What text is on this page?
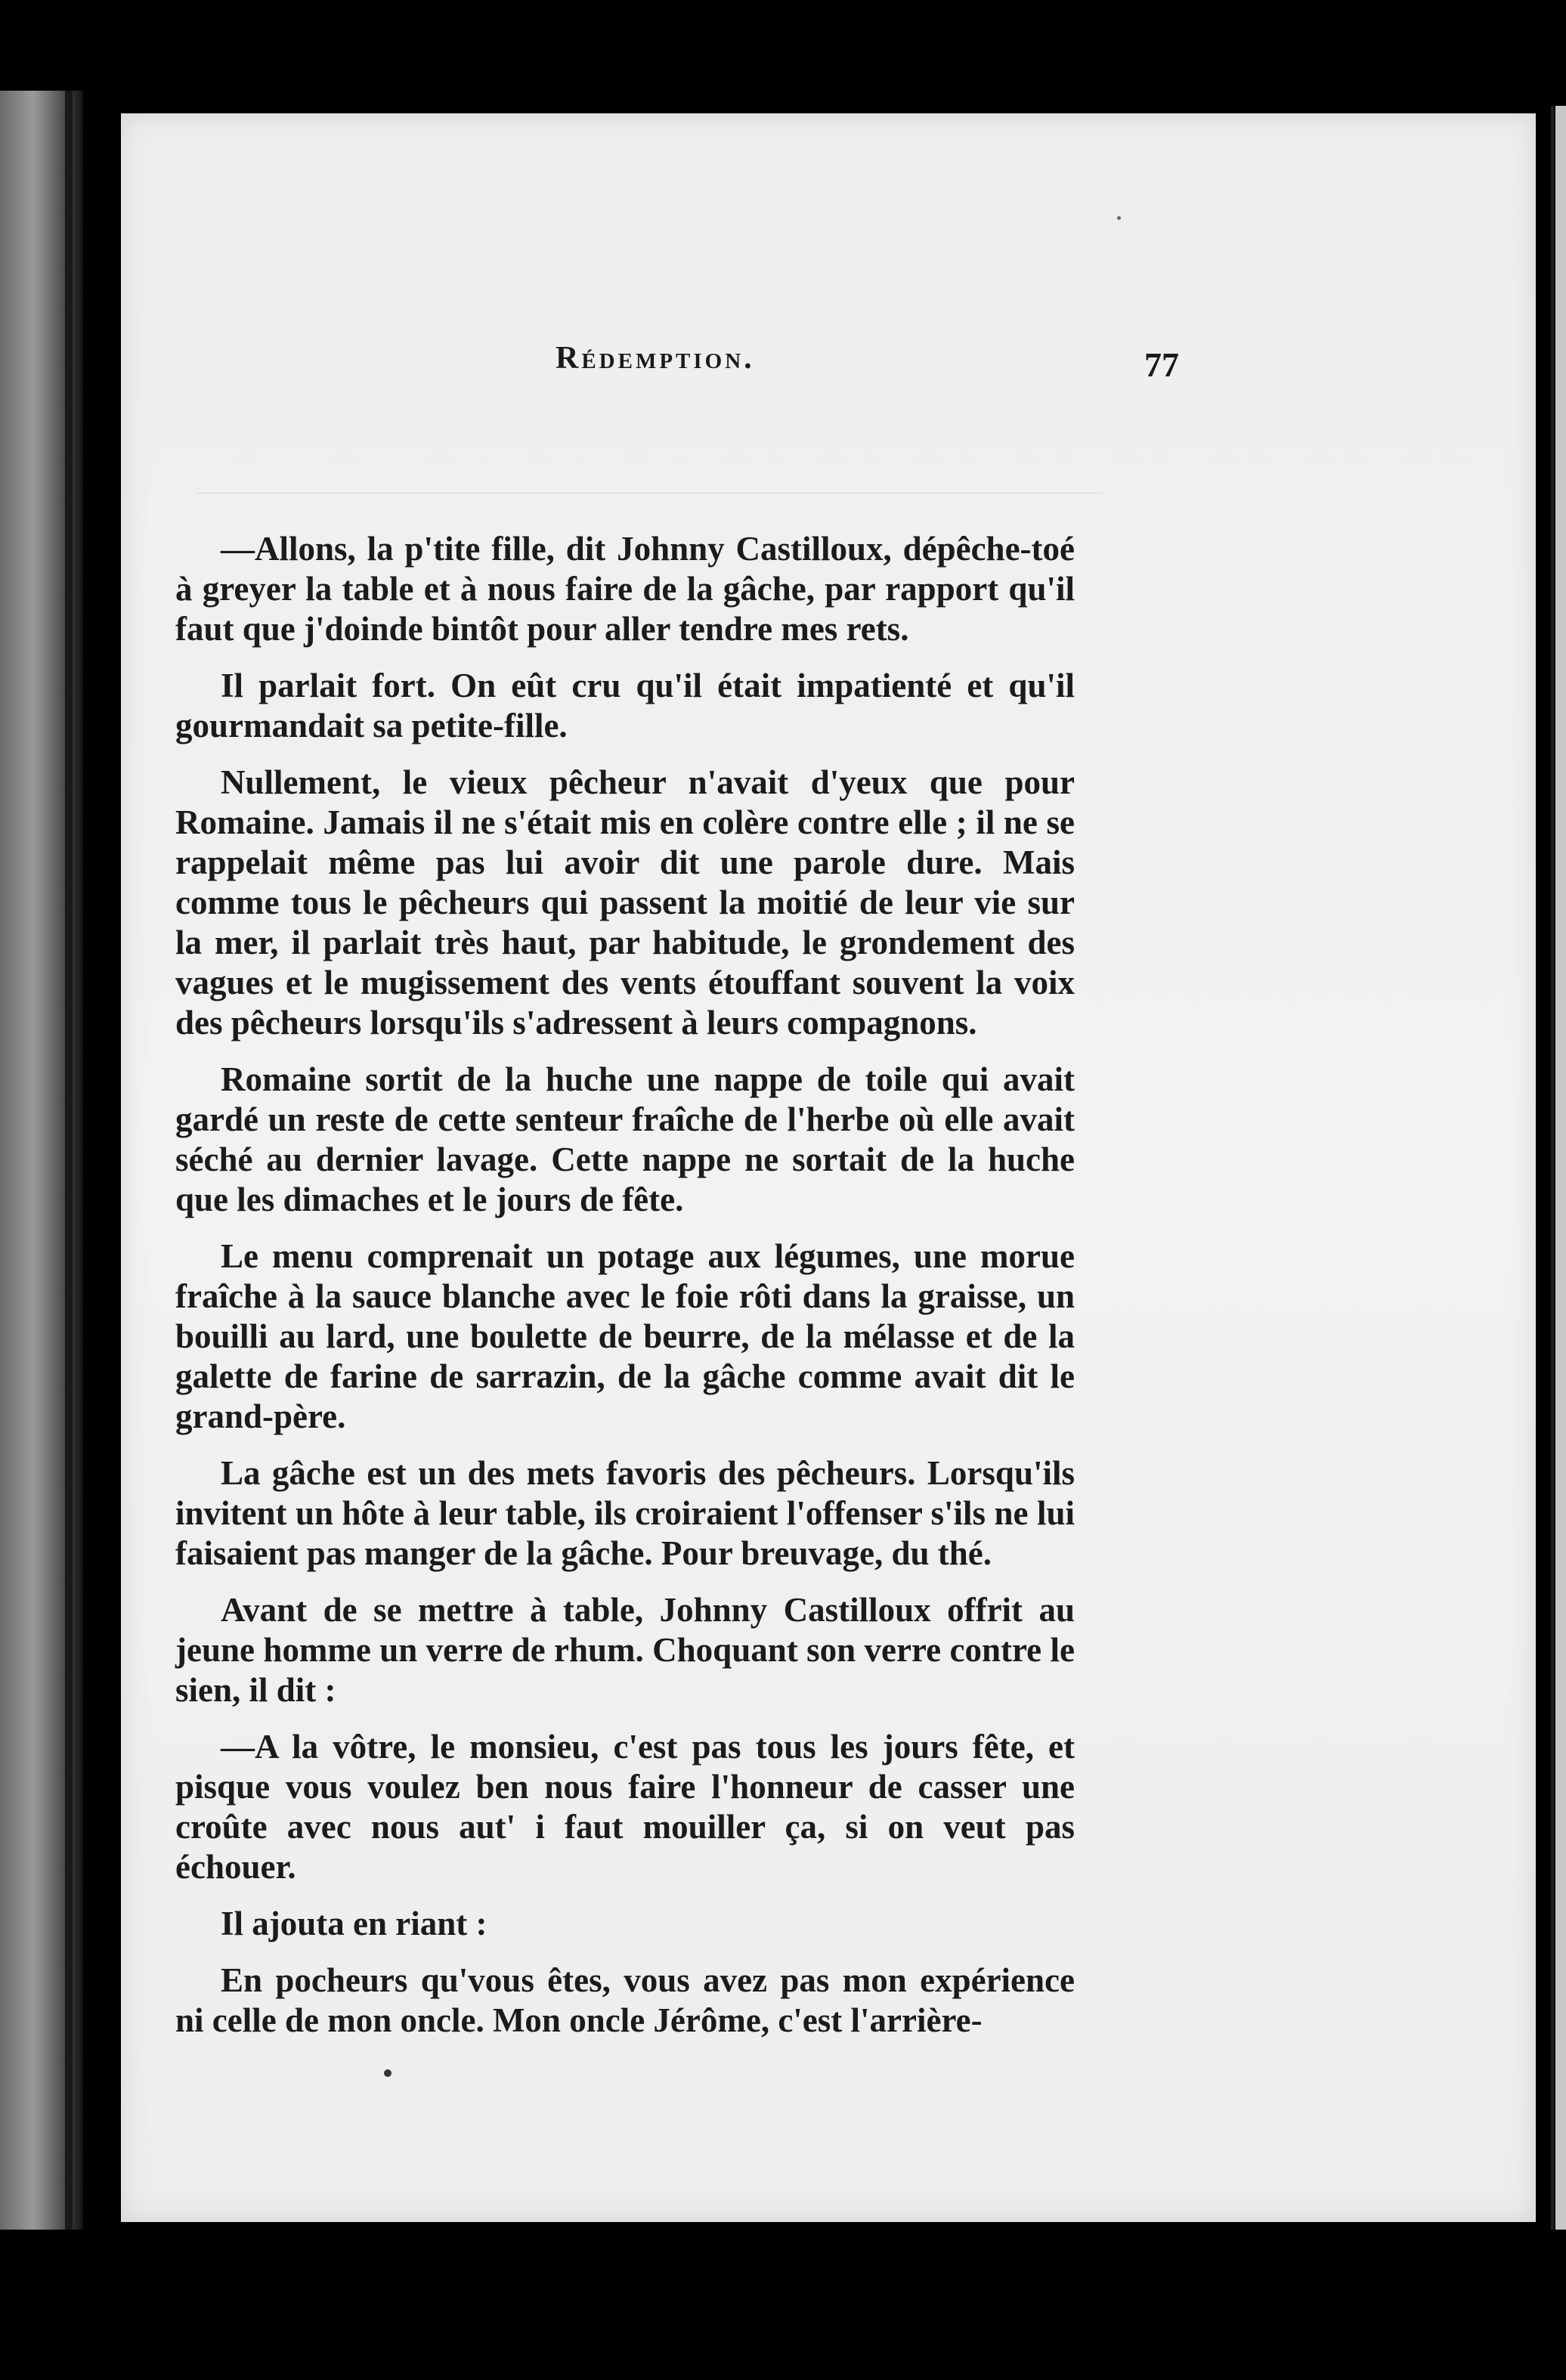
Rédemption.	77

—Allons, la p'tite fille, dit Johnny Castilloux, dépêche-toé à greyer la table et à nous faire de la gâche, par rapport qu'il faut que j'doinde bintôt pour aller tendre mes rets.

Il parlait fort. On eût cru qu'il était impatienté et qu'il gourmandait sa petite-fille.

Nullement, le vieux pêcheur n'avait d'yeux que pour Romaine. Jamais il ne s'était mis en colère contre elle ; il ne se rappelait même pas lui avoir dit une parole dure. Mais comme tous le pêcheurs qui passent la moitié de leur vie sur la mer, il parlait très haut, par habitude, le grondement des vagues et le mugissement des vents étouffant souvent la voix des pêcheurs lorsqu'ils s'adressent à leurs compagnons.

Romaine sortit de la huche une nappe de toile qui avait gardé un reste de cette senteur fraîche de l'herbe où elle avait séché au dernier lavage. Cette nappe ne sortait de la huche que les dimaches et le jours de fête.

Le menu comprenait un potage aux légumes, une morue fraîche à la sauce blanche avec le foie rôti dans la graisse, un bouilli au lard, une boulette de beurre, de la mélasse et de la galette de farine de sarrazin, de la gâche comme avait dit le grand-père.

La gâche est un des mets favoris des pêcheurs. Lorsqu'ils invitent un hôte à leur table, ils croiraient l'offenser s'ils ne lui faisaient pas manger de la gâche. Pour breuvage, du thé.

Avant de se mettre à table, Johnny Castilloux offrit au jeune homme un verre de rhum. Choquant son verre contre le sien, il dit :

—A la vôtre, le monsieu, c'est pas tous les jours fête, et pisque vous voulez ben nous faire l'honneur de casser une croûte avec nous aut' i faut mouiller ça, si on veut pas échouer.

Il ajouta en riant :

En pocheurs qu'vous êtes, vous avez pas mon expérience ni celle de mon oncle. Mon oncle Jérôme, c'est l'arrière-
